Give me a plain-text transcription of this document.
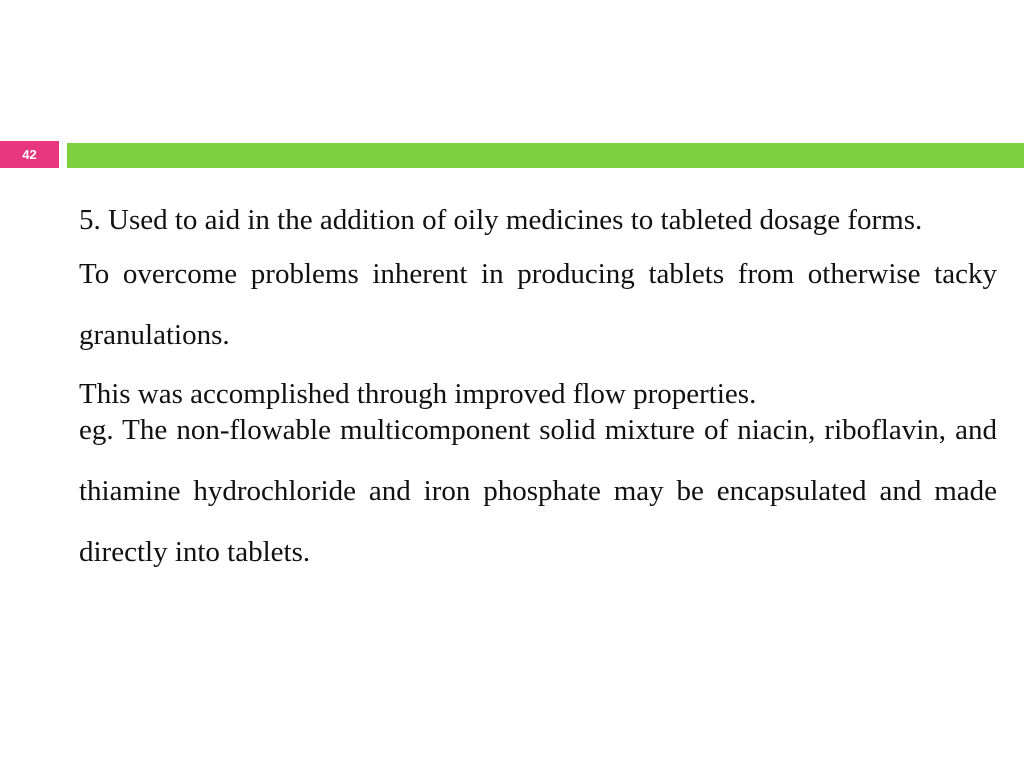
42

5. Used to aid in the addition of oily medicines to tableted dosage forms.

To overcome problems inherent in producing tablets from otherwise tacky granulations.

This was accomplished through improved flow properties.

eg. The non-flowable multicomponent solid mixture of niacin, riboflavin, and thiamine hydrochloride and iron phosphate may be encapsulated and made directly into tablets.
